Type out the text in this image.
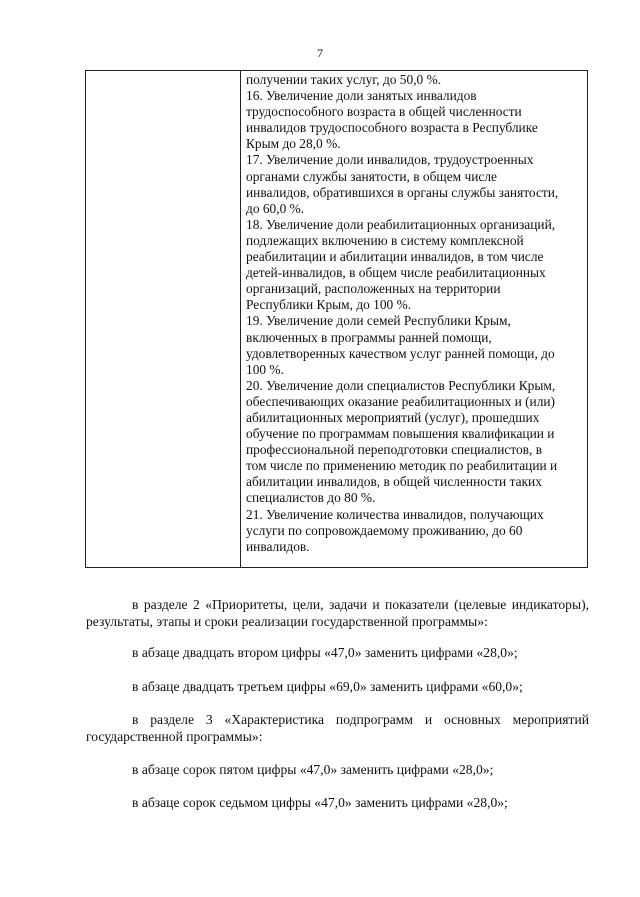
7
получении таких услуг, до 50,0 %.
16. Увеличение доли занятых инвалидов
трудоспособного возраста в общей численности
инвалидов трудоспособного возраста в Республике
Крым до 28,0 %.
17. Увеличение доли инвалидов, трудоустроенных
органами службы занятости, в общем числе
инвалидов, обратившихся в органы службы занятости,
до 60,0 %.
18. Увеличение доли реабилитационных организаций,
подлежащих включению в систему комплексной
реабилитации и абилитации инвалидов, в том числе
детей-инвалидов, в общем числе реабилитационных
организаций, расположенных на территории
Республики Крым, до 100 %.
19. Увеличение доли семей Республики Крым,
включенных в программы ранней помощи,
удовлетворенных качеством услуг ранней помощи, до
100 %.
20. Увеличение доли специалистов Республики Крым,
обеспечивающих оказание реабилитационных и (или)
абилитационных мероприятий (услуг), прошедших
обучение по программам повышения квалификации и
профессиональной переподготовки специалистов, в
том числе по применению методик по реабилитации и
абилитации инвалидов, в общей численности таких
специалистов до 80 %.
21. Увеличение количества инвалидов, получающих
услуги по сопровождаемому проживанию, до 60
инвалидов.
в разделе 2 «Приоритеты, цели, задачи и показатели (целевые индикаторы),
результаты, этапы и сроки реализации государственной программы»:
в абзаце двадцать втором цифры «47,0» заменить цифрами «28,0»;
в абзаце двадцать третьем цифры «69,0» заменить цифрами «60,0»;
в разделе 3 «Характеристика подпрограмм и основных мероприятий
государственной программы»:
в абзаце сорок пятом цифры «47,0» заменить цифрами «28,0»;
в абзаце сорок седьмом цифры «47,0» заменить цифрами «28,0»;
